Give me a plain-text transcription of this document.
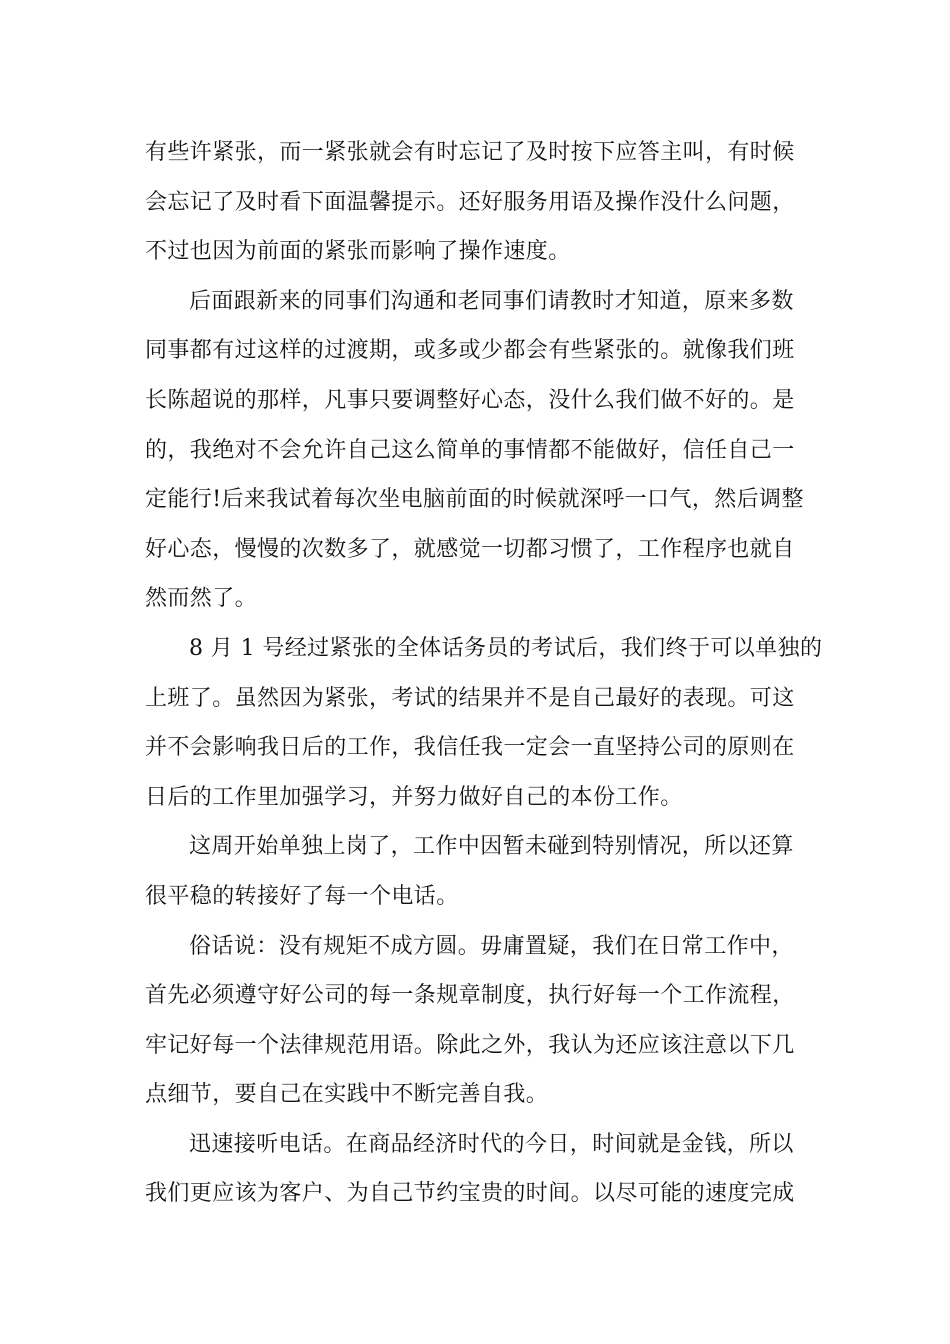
有些许紧张，而一紧张就会有时忘记了及时按下应答主叫，有时候
会忘记了及时看下面温馨提示。还好服务用语及操作没什么问题，
不过也因为前面的紧张而影响了操作速度。
后面跟新来的同事们沟通和老同事们请教时才知道，原来多数
同事都有过这样的过渡期，或多或少都会有些紧张的。就像我们班
长陈超说的那样，凡事只要调整好心态，没什么我们做不好的。是
的，我绝对不会允许自己这么简单的事情都不能做好，信任自己一
定能行!后来我试着每次坐电脑前面的时候就深呼一口气，然后调整
好心态，慢慢的次数多了，就感觉一切都习惯了，工作程序也就自
然而然了。
8 月 1 号经过紧张的全体话务员的考试后，我们终于可以单独的
上班了。虽然因为紧张，考试的结果并不是自己最好的表现。可这
并不会影响我日后的工作，我信任我一定会一直坚持公司的原则在
日后的工作里加强学习，并努力做好自己的本份工作。
这周开始单独上岗了，工作中因暂未碰到特别情况，所以还算
很平稳的转接好了每一个电话。
俗话说：没有规矩不成方圆。毋庸置疑，我们在日常工作中，
首先必须遵守好公司的每一条规章制度，执行好每一个工作流程，
牢记好每一个法律规范用语。除此之外，我认为还应该注意以下几
点细节，要自己在实践中不断完善自我。
迅速接听电话。在商品经济时代的今日，时间就是金钱，所以
我们更应该为客户、为自己节约宝贵的时间。以尽可能的速度完成
